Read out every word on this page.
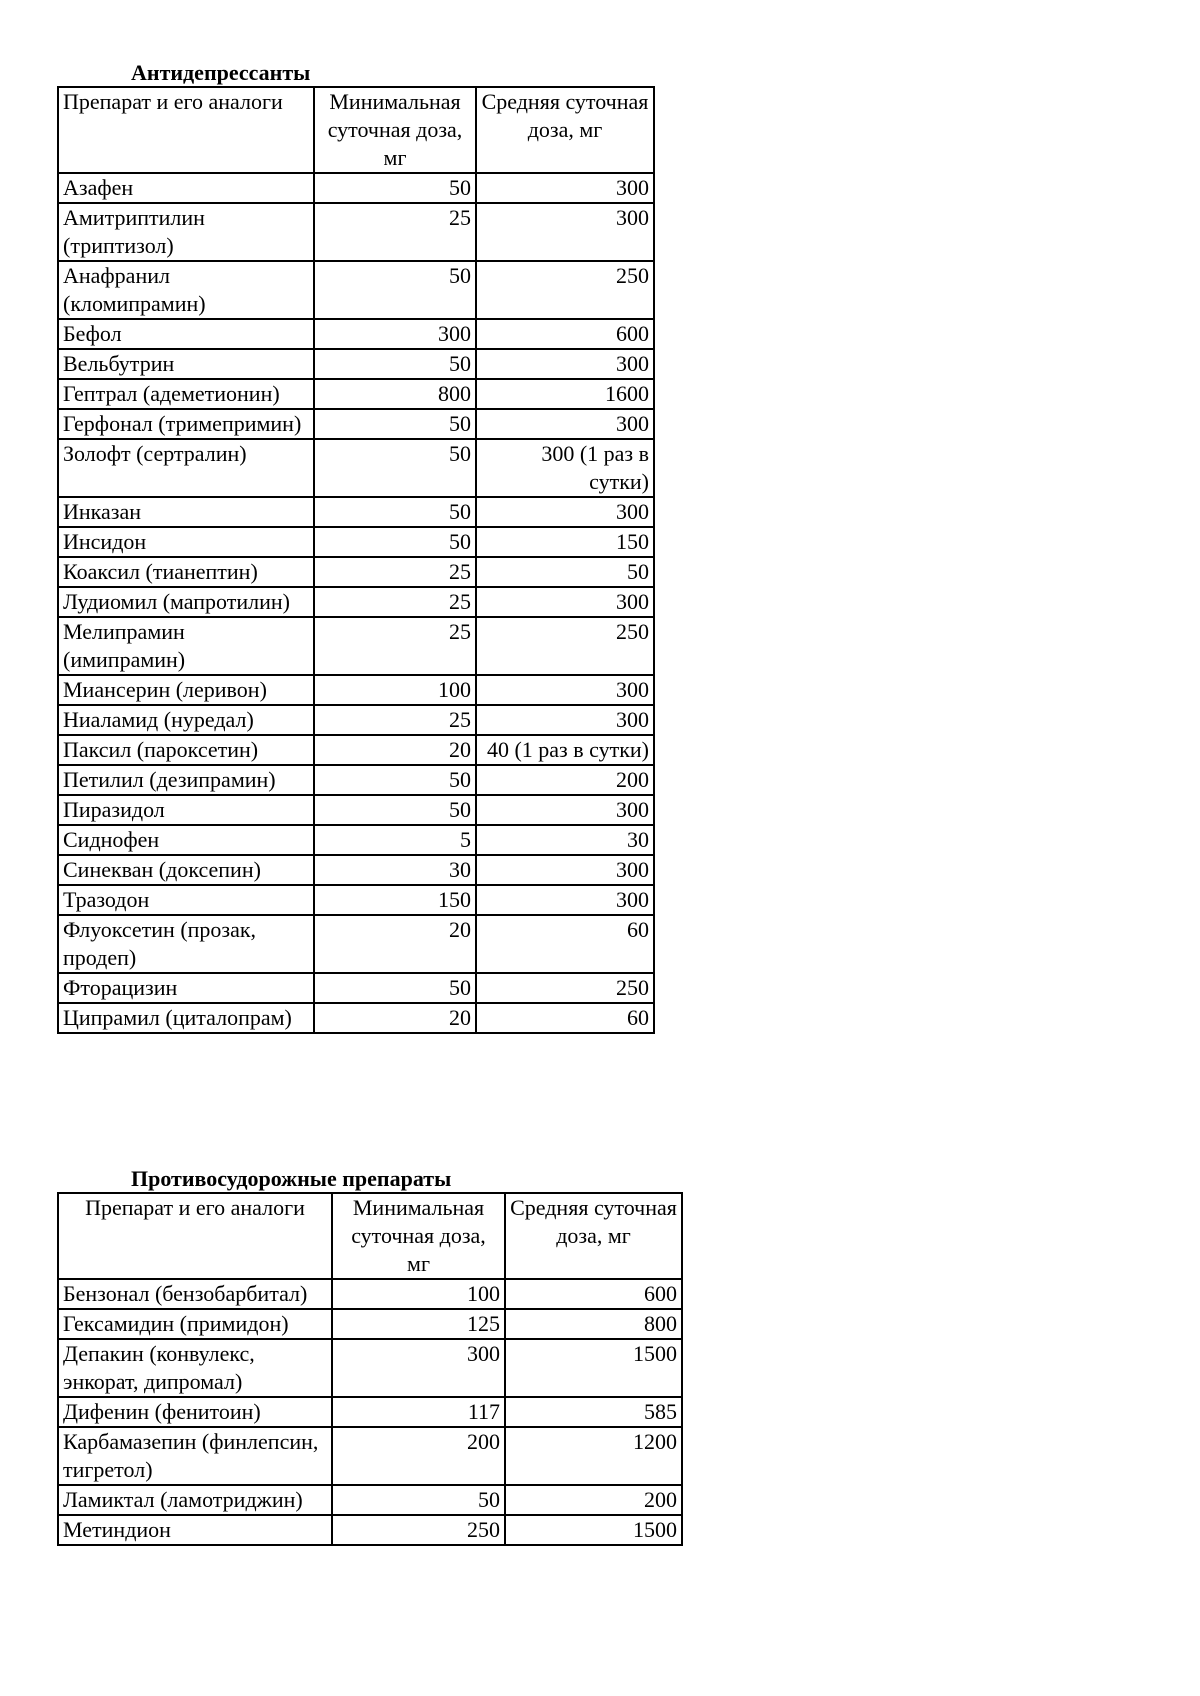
Антидепрессанты
Препарат и его аналоги	Минимальная суточная доза, мг	Средняя суточная доза, мг
Азафен	50	300
Амитриптилин (триптизол)	25	300
Анафранил (кломипрамин)	50	250
Бефол	300	600
Вельбутрин	50	300
Гептрал (адеметионин)	800	1600
Герфонал (тримепримин)	50	300
Золофт (сертралин)	50	300 (1 раз в сутки)
Инказан	50	300
Инсидон	50	150
Коаксил (тианептин)	25	50
Лудиомил (мапротилин)	25	300
Мелипрамин (имипрамин)	25	250
Миансерин (леривон)	100	300
Ниаламид (нуредал)	25	300
Паксил (пароксетин)	20	40 (1 раз в сутки)
Петилил (дезипрамин)	50	200
Пиразидол	50	300
Сиднофен	5	30
Синекван (доксепин)	30	300
Тразодон	150	300
Флуоксетин (прозак, продеп)	20	60
Фторацизин	50	250
Ципрамил (циталопрам)	20	60
Противосудорожные препараты
Препарат и его аналоги	Минимальная суточная доза, мг	Средняя суточная доза, мг
Бензонал (бензобарбитал)	100	600
Гексамидин (примидон)	125	800
Депакин (конвулекс, энкорат, дипромал)	300	1500
Дифенин (фенитоин)	117	585
Карбамазепин (финлепсин, тигретол)	200	1200
Ламиктал (ламотриджин)	50	200
Метиндион	250	1500
